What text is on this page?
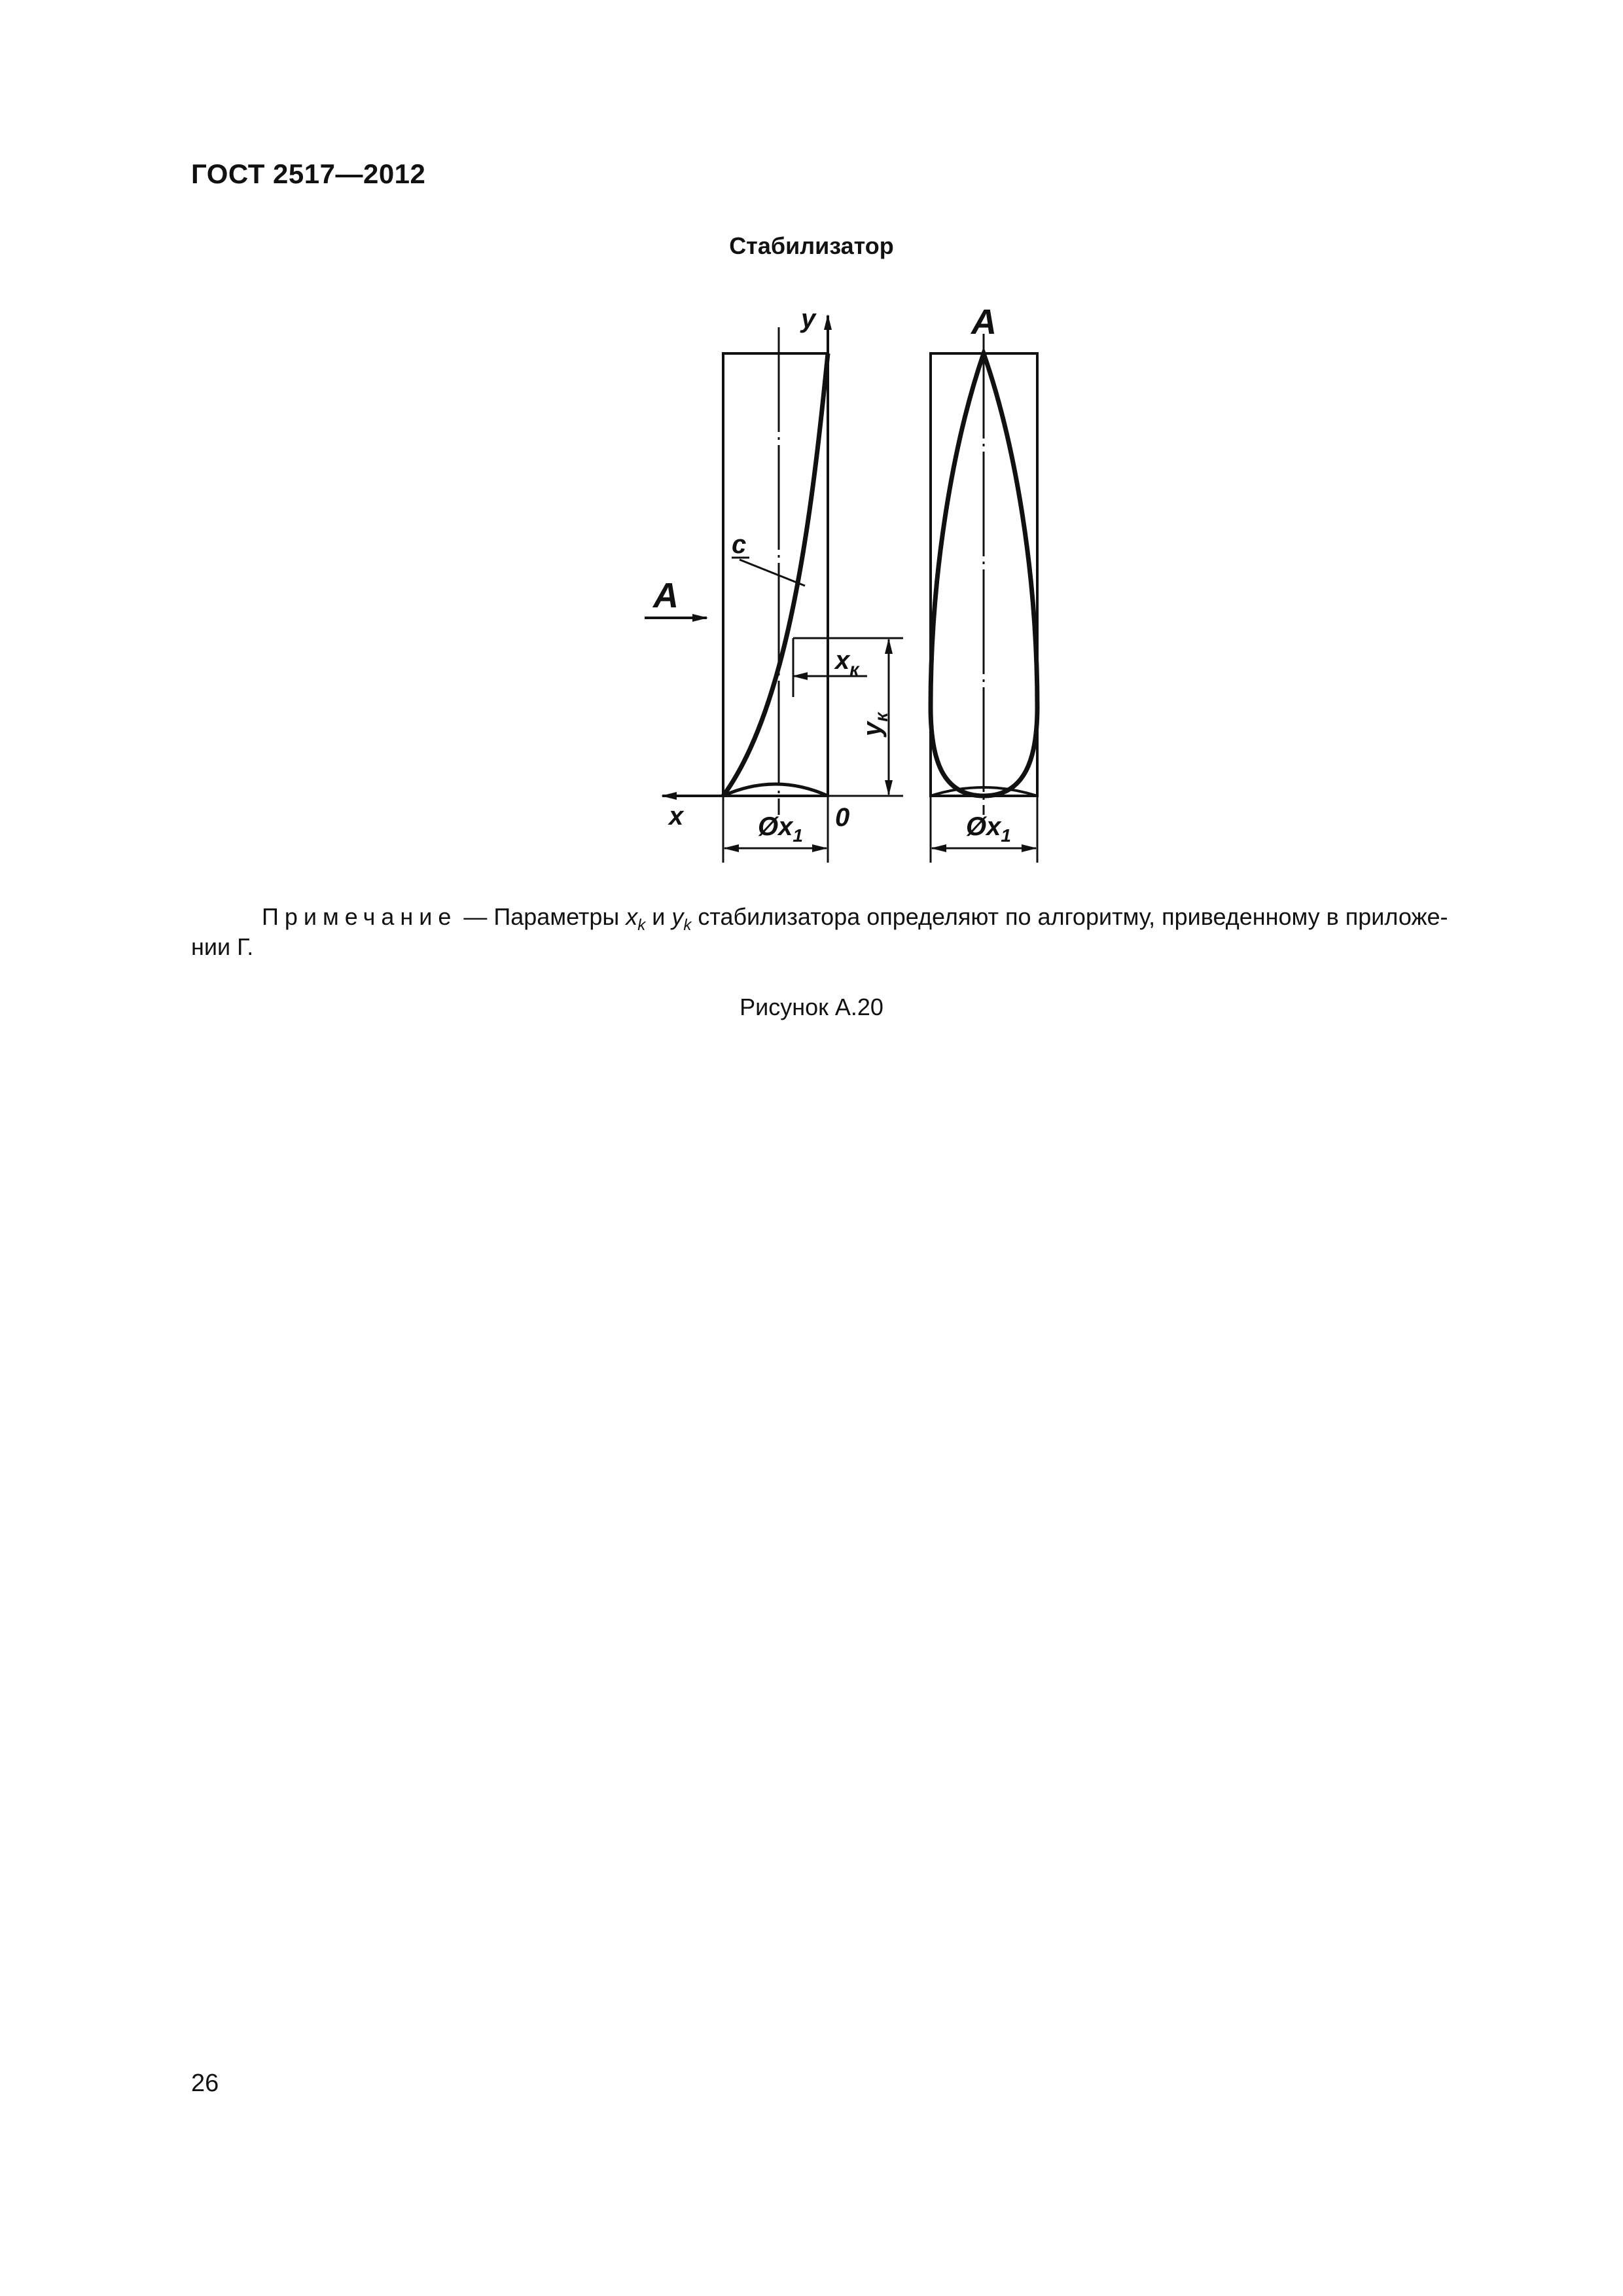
ГОСТ 2517—2012
Стабилизатор
y
x	0
c
A
$x_к$
$y_к$
$Øx_1$
A
$Øx_1$
Примечание — Параметры $x_k$ и $y_k$ стабилизатора определяют по алгоритму, приведенному в приложе-
нии Г.
Рисунок А.20
26
